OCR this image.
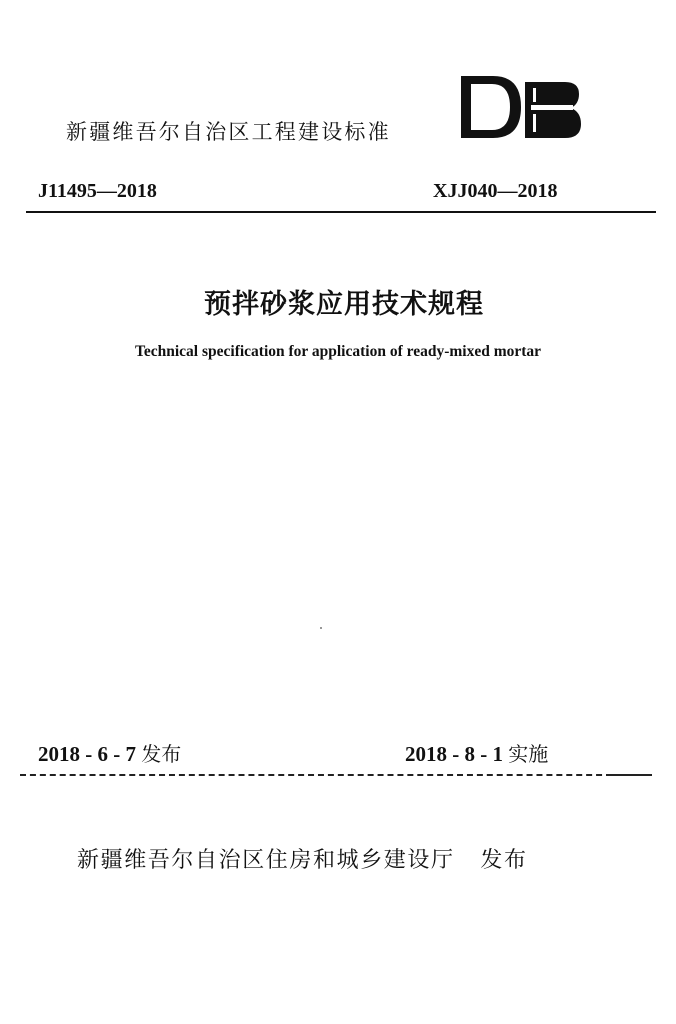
新疆维吾尔自治区工程建设标准
J11495—2018	XJJ040—2018
预拌砂浆应用技术规程
Technical specification for application of ready-mixed mortar
2018 - 6 - 7 发布	2018 - 8 - 1 实施
新疆维吾尔自治区住房和城乡建设厅 发布
